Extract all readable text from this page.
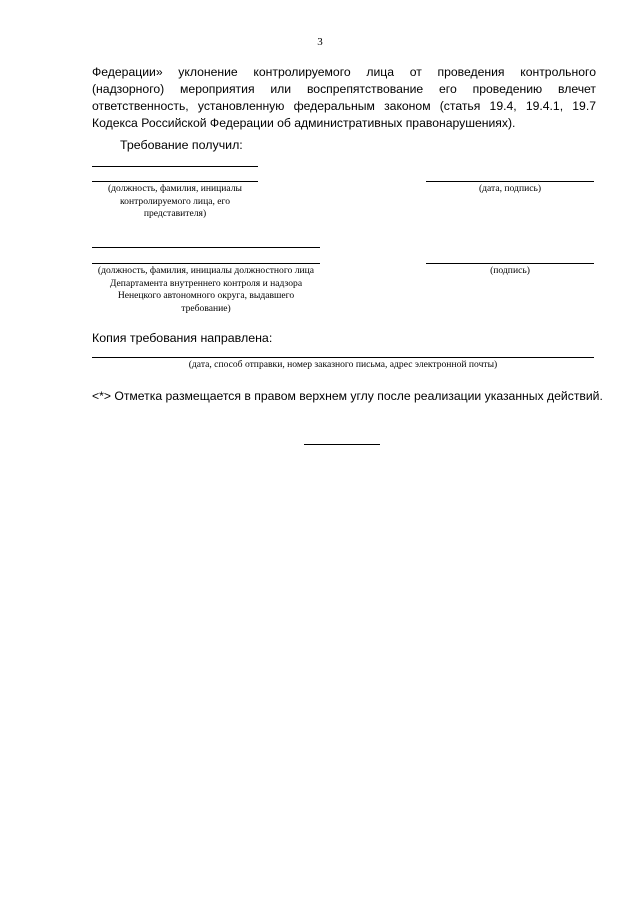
3
Федерации» уклонение контролируемого лица от проведения контрольного (надзорного) мероприятия или воспрепятствование его проведению влечет ответственность, установленную федеральным законом (статья 19.4, 19.4.1, 19.7 Кодекса Российской Федерации об административных правонарушениях).
Требование получил:
(должность, фамилия, инициалы контролируемого лица, его представителя)
(дата, подпись)
(должность, фамилия, инициалы должностного лица Департамента внутреннего контроля и надзора Ненецкого автономного округа, выдавшего требование)
(подпись)
Копия требования направлена:
(дата, способ отправки, номер заказного письма, адрес электронной почты)
<*> Отметка размещается в правом верхнем углу после реализации указанных действий.
